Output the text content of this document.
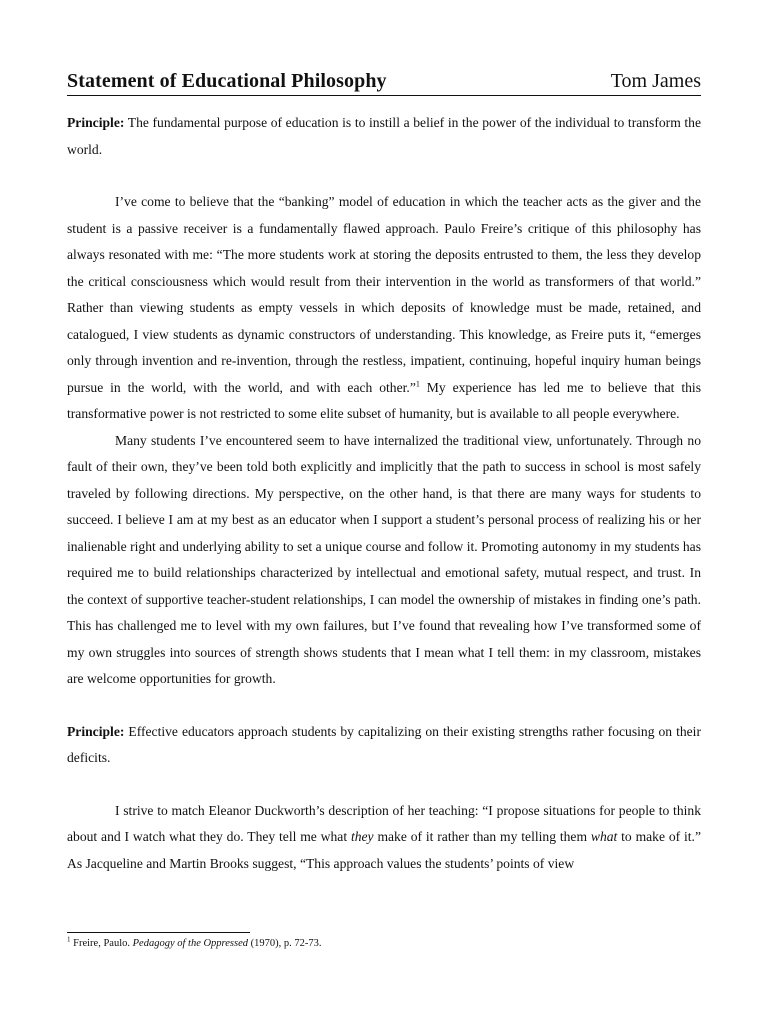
Statement of Educational Philosophy	Tom James

Principle: The fundamental purpose of education is to instill a belief in the power of the individual to transform the world.

I’ve come to believe that the “banking” model of education in which the teacher acts as the giver and the student is a passive receiver is a fundamentally flawed approach. Paulo Freire’s critique of this philosophy has always resonated with me: “The more students work at storing the deposits entrusted to them, the less they develop the critical consciousness which would result from their intervention in the world as transformers of that world.” Rather than viewing students as empty vessels in which deposits of knowledge must be made, retained, and catalogued, I view students as dynamic constructors of understanding. This knowledge, as Freire puts it, “emerges only through invention and re-invention, through the restless, impatient, continuing, hopeful inquiry human beings pursue in the world, with the world, and with each other.”$^1$ My experience has led me to believe that this transformative power is not restricted to some elite subset of humanity, but is available to all people everywhere.

Many students I’ve encountered seem to have internalized the traditional view, unfortunately. Through no fault of their own, they’ve been told both explicitly and implicitly that the path to success in school is most safely traveled by following directions. My perspective, on the other hand, is that there are many ways for students to succeed. I believe I am at my best as an educator when I support a student’s personal process of realizing his or her inalienable right and underlying ability to set a unique course and follow it. Promoting autonomy in my students has required me to build relationships characterized by intellectual and emotional safety, mutual respect, and trust. In the context of supportive teacher-student relationships, I can model the ownership of mistakes in finding one’s path. This has challenged me to level with my own failures, but I’ve found that revealing how I’ve transformed some of my own struggles into sources of strength shows students that I mean what I tell them: in my classroom, mistakes are welcome opportunities for growth.

Principle: Effective educators approach students by capitalizing on their existing strengths rather focusing on their deficits.

I strive to match Eleanor Duckworth’s description of her teaching: “I propose situations for people to think about and I watch what they do. They tell me what they make of it rather than my telling them what to make of it.” As Jacqueline and Martin Brooks suggest, “This approach values the students’ points of view

$^1$ Freire, Paulo. Pedagogy of the Oppressed (1970), p. 72-73.
